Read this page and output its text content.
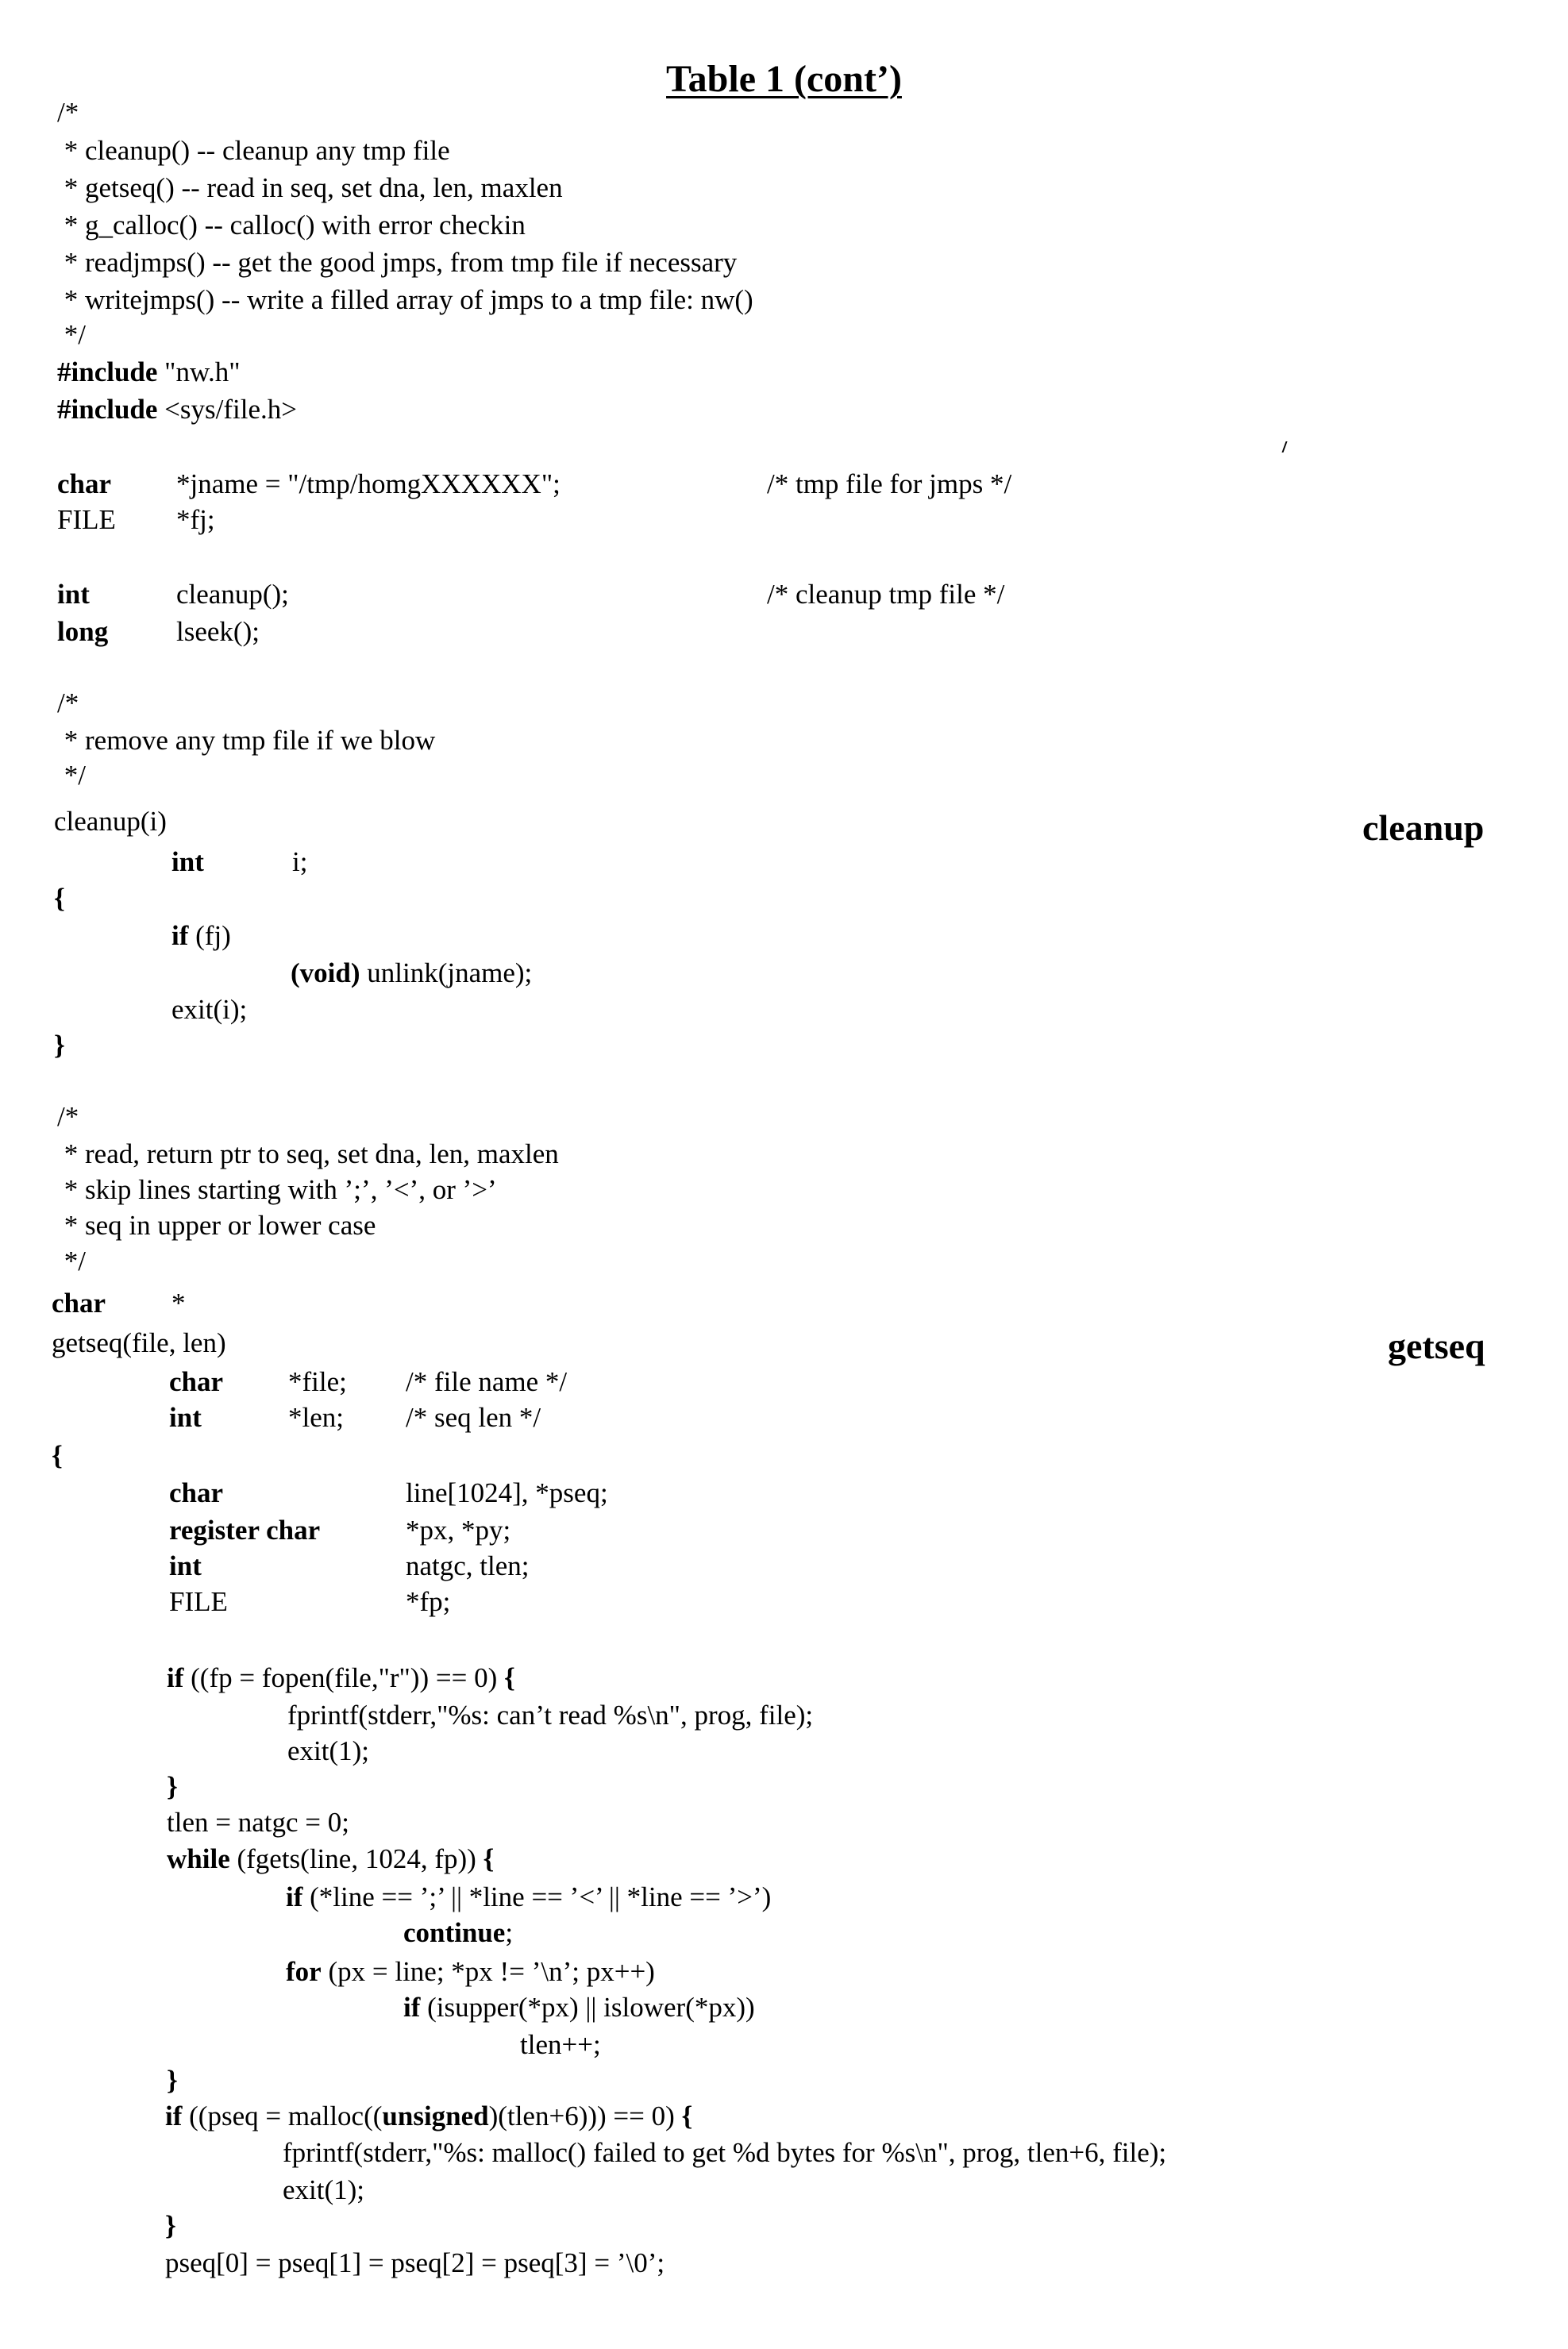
Table 1 (cont’)
/*
* cleanup() -- cleanup any tmp file
* getseq() -- read in seq, set dna, len, maxlen
* g_calloc() -- calloc() with error checkin
* readjmps() -- get the good jmps, from tmp file if necessary
* writejmps() -- write a filled array of jmps to a tmp file: nw()
*/
#include "nw.h"
#include <sys/file.h>
char *jname = "/tmp/homgXXXXXX";	/* tmp file for jmps */
FILE *fj;
int	cleanup();	/* cleanup tmp file */
long lseek();
/*
* remove any tmp file if we blow
*/
cleanup(i)	cleanup
int	i;
{
if (fj)
(void) unlink(jname);
exit(i);
}
/*
* read, return ptr to seq, set dna, len, maxlen
* skip lines starting with ’;’, ’<’, or ’>’
* seq in upper or lower case
*/
char *
getseq(file, len)	getseq
char *file; /* file name */
int	*len; /* seq len */
{
char	line[1024], *pseq;
register char	*px, *py;
int	natgc, tlen;
FILE	*fp;
if ((fp = fopen(file,"r")) == 0) {
fprintf(stderr,"%s: can’t read %s\n", prog, file);
exit(1);
}
tlen = natgc = 0;
while (fgets(line, 1024, fp)) {
if (*line == ’;’ || *line == ’<’ || *line == ’>’)
continue;
for (px = line; *px != ’\n’; px++)
if (isupper(*px) || islower(*px))
tlen++;
}
if ((pseq = malloc((unsigned)(tlen+6))) == 0) {
fprintf(stderr,"%s: malloc() failed to get %d bytes for %s\n", prog, tlen+6, file);
exit(1);
}
pseq[0] = pseq[1] = pseq[2] = pseq[3] = ’\0’;
